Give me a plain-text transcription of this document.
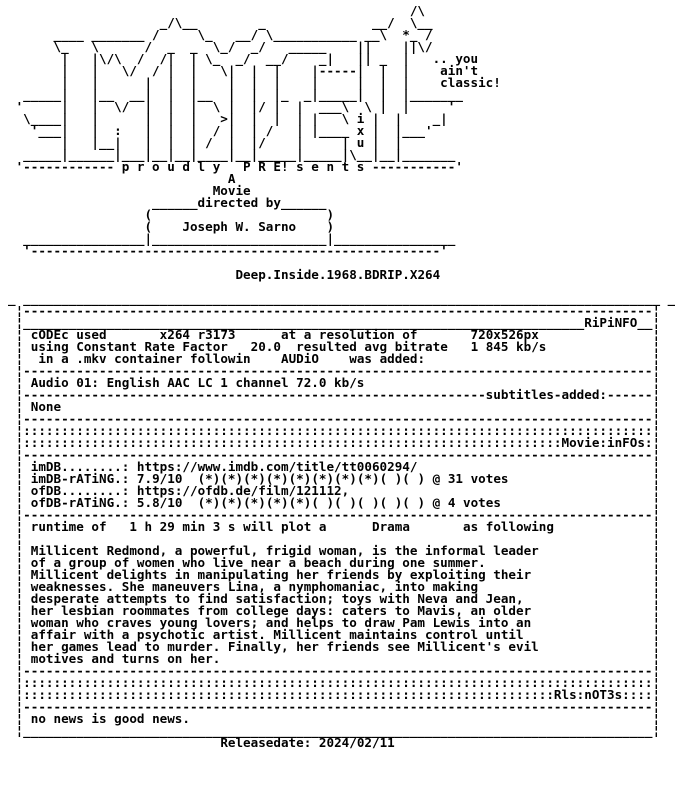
/\
_/\__        _              __/  \__
____ _______ /     \_   __/ \___________ __\  *_ /
\_   \      /  _  _  \_/  _/   _____    ||    ||\/
|   |\/\  /  /|  | \_  _/  __/    _|   || _  |   .. you
|   |   \/  / |  |   \|  |  |    |-----|  |  |    ain't
|   |      |  |  |    |  |  |    |     |  |  |    classic!
_____|   |__  __|  |  |__  |  |  |_  _|_____|  |  |_______
'     |   |  \/  |  |  |  \ |  |/ |  |  ___\  \ |  |     '
\____|   |      |  |  |   >|  |  |  | |   \ i |  |    _|
'___|   |  :   |  |  |  / |  | /   | |____ x |  |___'
|   |__|   |  |  | /  |  |/    |     | u |  |
_____|______|___|__|__|____|__|_____|_____|\__|__|_______
'------------ p r o u d l y   P R E! s e n t s -----------'
A
Movie
______directed by______
(                       )
(    Joseph W. Sarno    )
________________|_______________________|________________
'------------------------------------------------------'

Deep.Inside.1968.BDRIP.X264

_ ____________________________________________________________________________________ _
¦-----------------------------------------------------------------------------------¦
¦__________________________________________________________________________RiPiNFO__¦
¦ cODEc used	x264 r3173	at a resolution of	720x526px               ¦
¦ using Constant Rate Factor 20.0 resulted avg bitrate 1 845 kb/s              ¦
¦  in a .mkv container followin AUDiO was added:                              ¦
¦-----------------------------------------------------------------------------------¦
¦ Audio 01: English AAC LC 1 channel 72.0 kb/s                                      ¦
¦-------------------------------------------------------------subtitles-added:------¦
¦ None                                                                              ¦
¦-----------------------------------------------------------------------------------¦
¦:::::::::::::::::::::::::::::::::::::::::::::::::::::::::::::::::::::::::::::::::::¦
¦:::::::::::::::::::::::::::::::::::::::::::::::::::::::::::::::::::::::Movie:inFOs:¦
¦-----------------------------------------------------------------------------------¦
¦ imDB........: https://www.imdb.com/title/tt0060294/                               ¦
¦ imDB-rATiNG.: 7.9/10 (*)(*)(*)(*)(*)(*)(*)(*)( )( ) @ 31 votes                   ¦
¦ ofDB........: https://ofdb.de/film/121112,                                        ¦
¦ ofDB-rATiNG.: 5.8/10 (*)(*)(*)(*)(*)( )( )( )( )( ) @ 4 votes                    ¦
¦-----------------------------------------------------------------------------------¦
¦ runtime of 1 h 29 min 3 s will plot a	Drama	as following             ¦
¦                                                                                   ¦
¦ Millicent Redmond, a powerful, frigid woman, is the informal leader               ¦
¦ of a group of women who live near a beach during one summer.                      ¦
¦ Millicent delights in manipulating her friends by exploiting their                ¦
¦ weaknesses. She maneuvers Lina, a nymphomaniac, into making                       ¦
¦ desperate attempts to find satisfaction; toys with Neva and Jean,                 ¦
¦ her lesbian roommates from college days: caters to Mavis, an older                ¦
¦ woman who craves young lovers; and helps to draw Pam Lewis into an                ¦
¦ affair with a psychotic artist. Millicent maintains control until                 ¦
¦ her games lead to murder. Finally, her friends see Millicent's evil               ¦
¦ motives and turns on her.                                                         ¦
¦-----------------------------------------------------------------------------------¦
¦:::::::::::::::::::::::::::::::::::::::::::::::::::::::::::::::::::::::::::::::::::¦
¦::::::::::::::::::::::::::::::::::::::::::::::::::::::::::::::::::::::Rls:nOT3s::::¦
¦-----------------------------------------------------------------------------------¦
¦ no news is good news.                                                             ¦
¦___________________________________________________________________________________¦
Releasedate: 2024/02/11
